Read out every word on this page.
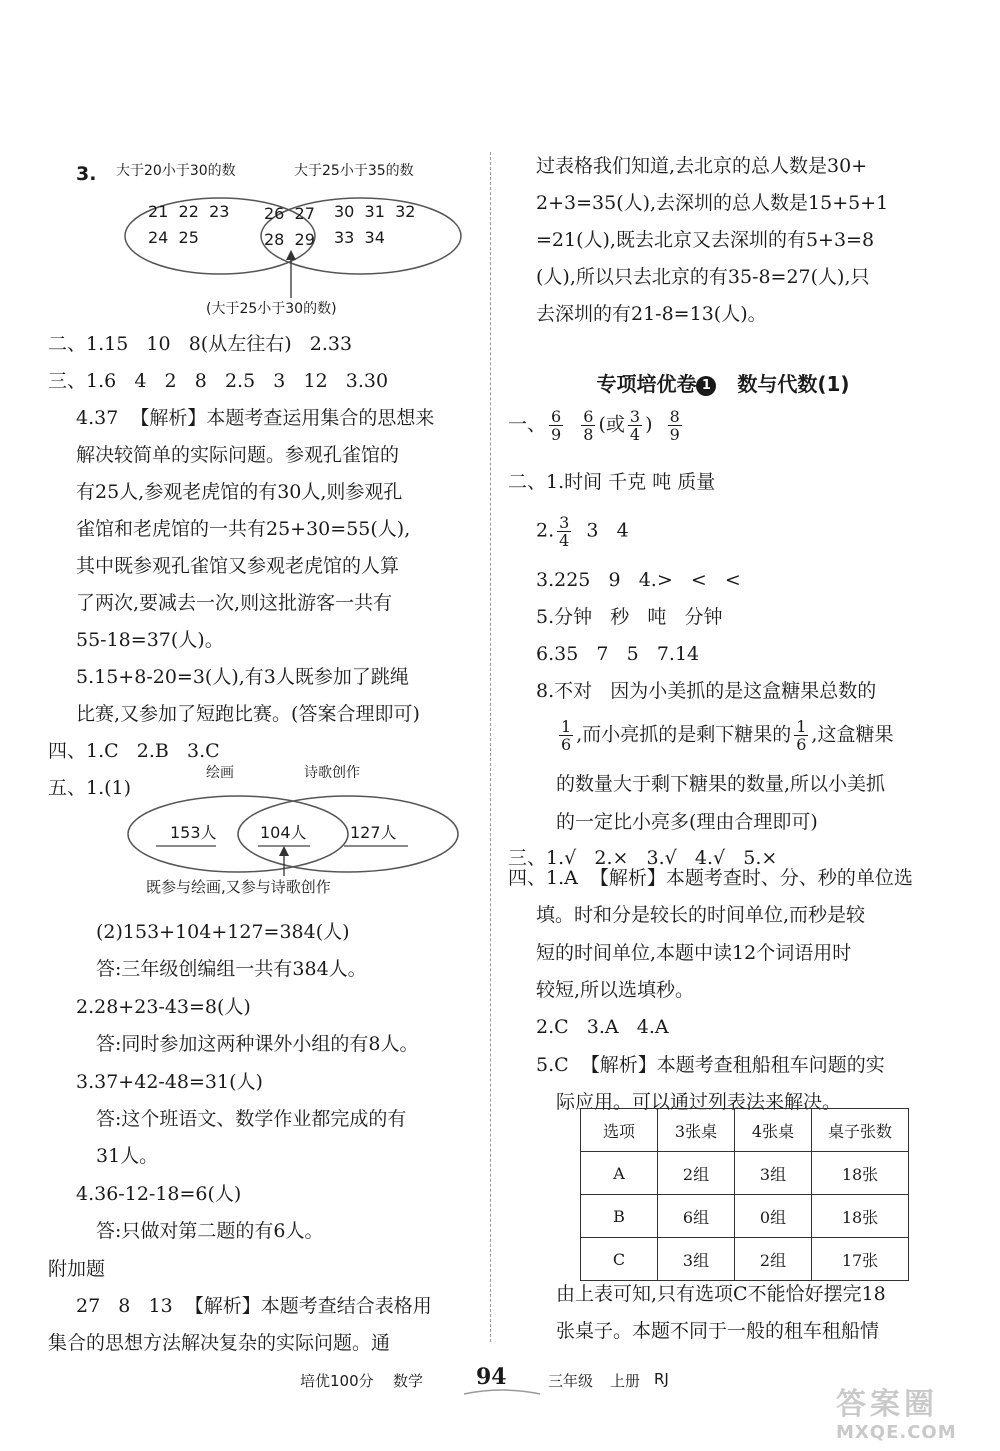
3. 大于20小于30的数	大于25小于35的数
21  22  23
24  25
26  27
28  29
30  31  32
33  34
(大于25小于30的数)
二、1.15   10   8(从左往右)   2.33
三、1.6   4   2   8   2.5   3   12   3.30
4.37  【解析】本题考查运用集合的思想来
解决较简单的实际问题。参观孔雀馆的
有25人,参观老虎馆的有30人,则参观孔
雀馆和老虎馆的一共有25+30=55(人),
其中既参观孔雀馆又参观老虎馆的人算
了两次,要减去一次,则这批游客一共有
55-18=37(人)。
5.15+8-20=3(人),有3人既参加了跳绳
比赛,又参加了短跑比赛。(答案合理即可)
四、1.C   2.B   3.C
五、1.(1)
绘画	诗歌创作
153人	104人	127人
既参与绘画,又参与诗歌创作
(2)153+104+127=384(人)
答:三年级创编组一共有384人。
2.28+23-43=8(人)
答:同时参加这两种课外小组的有8人。
3.37+42-48=31(人)
答:这个班语文、数学作业都完成的有
31人。
4.36-12-18=6(人)
答:只做对第二题的有6人。
附加题
27   8   13  【解析】本题考查结合表格用
集合的思想方法解决复杂的实际问题。通
过表格我们知道,去北京的总人数是30+
2+3=35(人),去深圳的总人数是15+5+1
=21(人),既去北京又去深圳的有5+3=8
(人),所以只去北京的有35-8=27(人),只
去深圳的有21-8=13(人)。
专项培优卷 1 数与代数(1)
一、 $\frac{6}{9}$
$\frac{6}{8}$ (或 $\frac{3}{4}$ ) $\frac{8}{9}$
二、1.时间 千克 吨 质量
2. $\frac{3}{4} 3$   4
3.225   9   4.>   <   <
5.分钟   秒   吨   分钟
6.35   7   5   7.14
8.不对   因为小美抓的是这盒糖果总数的
$\frac{1}{6}$ ,而小亮抓的是剩下糖果的 $\frac{1}{6}$ ,这盒糖果
的数量大于剩下糖果的数量,所以小美抓
的一定比小亮多(理由合理即可)
三、1.√   2.×   3.√   4.√   5.×
四、1.A  【解析】本题考查时、分、秒的单位选
填。时和分是较长的时间单位,而秒是较
短的时间单位,本题中读12个词语用时
较短,所以选填秒。
2.C   3.A   4.A
5.C  【解析】本题考查租船租车问题的实
际应用。可以通过列表法来解决。
选项	3张桌	4张桌	桌子张数
A	2组	3组	18张
B	6组	0组	18张
C	3组	2组	17张
由上表可知,只有选项C不能恰好摆完18
张桌子。本题不同于一般的租车租船情
培优100分 数学 94	三年级 上册 RJ
答案圈
MXQE.COM
